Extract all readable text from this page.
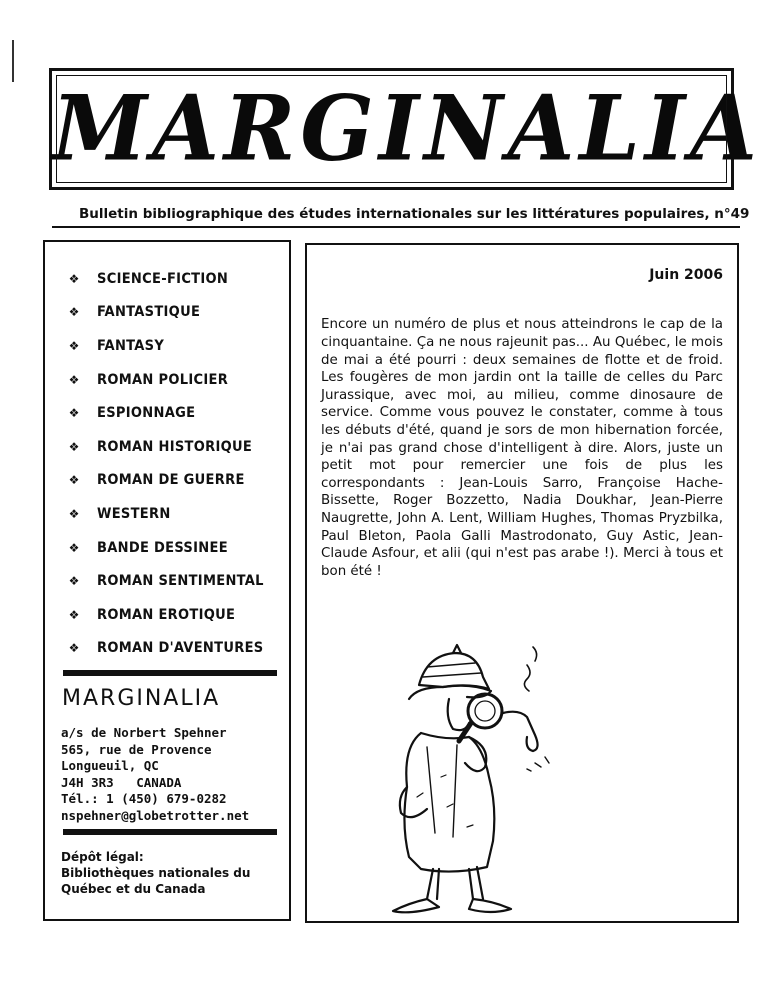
MARGINALIA
Bulletin bibliographique des études internationales sur les littératures populaires, n°49
❖ SCIENCE-FICTION
❖ FANTASTIQUE
❖ FANTASY
❖ ROMAN POLICIER
❖ ESPIONNAGE
❖ ROMAN HISTORIQUE
❖ ROMAN DE GUERRE
❖ WESTERN
❖ BANDE DESSINEE
❖ ROMAN SENTIMENTAL
❖ ROMAN EROTIQUE
❖ ROMAN D'AVENTURES
MARGINALIA
a/s de Norbert Spehner
565, rue de Provence
Longueuil, QC
J4H 3R3   CANADA
Tél.: 1 (450) 679-0282
nspehner@globetrotter.net
Dépôt légal:
Bibliothèques nationales du
Québec et du Canada
Juin 2006

Encore un numéro de plus et nous atteindrons le cap de la cinquantaine. Ça ne nous rajeunit pas... Au Québec, le mois de mai a été pourri : deux semaines de flotte et de froid. Les fougères de mon jardin ont la taille de celles du Parc Jurassique, avec moi, au milieu, comme dinosaure de service. Comme vous pouvez le constater, comme à tous les débuts d'été, quand je sors de mon hibernation forcée, je n'ai pas grand chose d'intelligent à dire. Alors, juste un petit mot pour remercier une fois de plus les correspondants : Jean-Louis Sarro, Françoise Hache-Bissette, Roger Bozzetto, Nadia Doukhar, Jean-Pierre Naugrette, John A. Lent, William Hughes, Thomas Pryzbilka, Paul Bleton, Paola Galli Mastrodonato, Guy Astic, Jean-Claude Asfour, et alii (qui n'est pas arabe !). Merci à tous et bon été !
